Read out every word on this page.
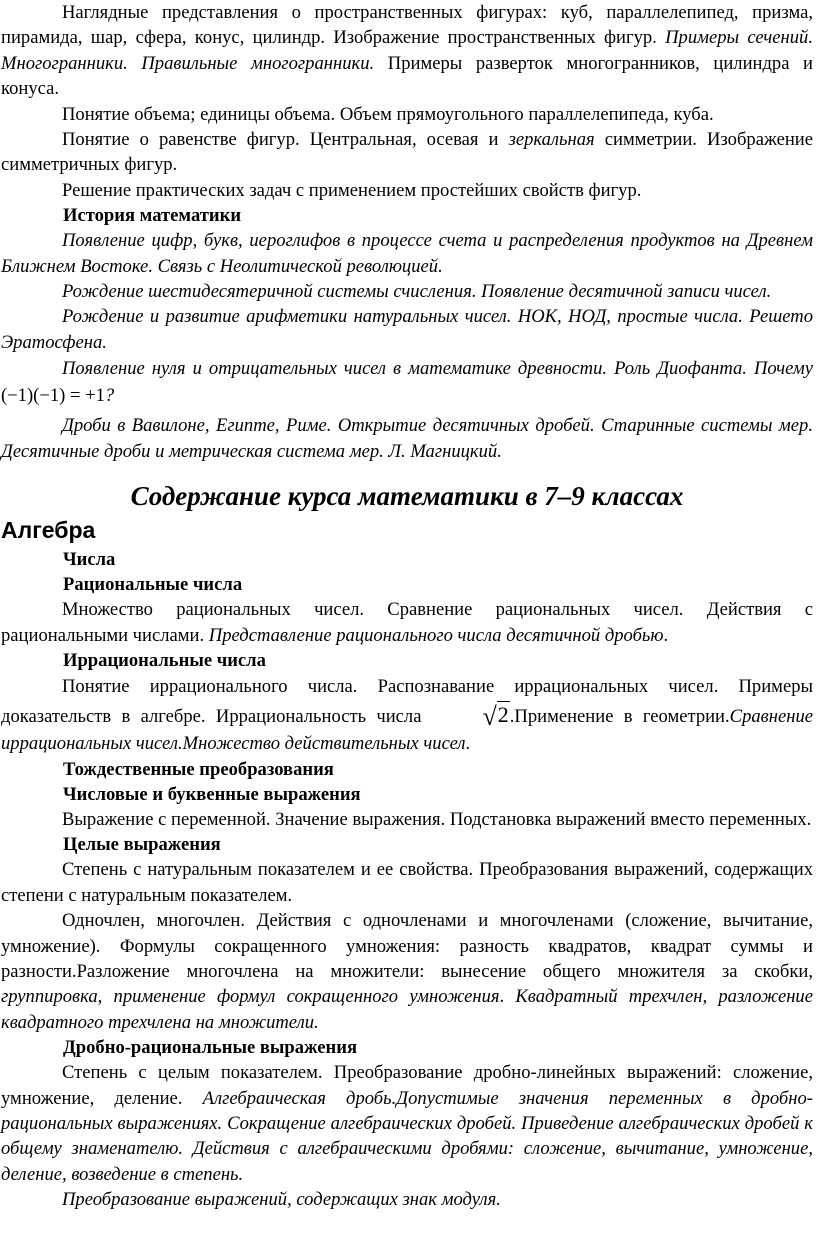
Наглядные представления о пространственных фигурах: куб, параллелепипед, призма, пирамида, шар, сфера, конус, цилиндр. Изображение пространственных фигур. Примеры сечений. Многогранники. Правильные многогранники. Примеры разверток многогранников, цилиндра и конуса.

Понятие объема; единицы объема. Объем прямоугольного параллелепипеда, куба.

Понятие о равенстве фигур. Центральная, осевая и зеркальная симметрии. Изображение симметричных фигур.

Решение практических задач с применением простейших свойств фигур.

История математики

Появление цифр, букв, иероглифов в процессе счета и распределения продуктов на Древнем Ближнем Востоке. Связь с Неолитической революцией.

Рождение шестидесятеричной системы счисления. Появление десятичной записи чисел.

Рождение и развитие арифметики натуральных чисел. НОК, НОД, простые числа. Решето Эратосфена.

Появление нуля и отрицательных чисел в математике древности. Роль Диофанта. Почему (−1)(−1) = +1?

Дроби в Вавилоне, Египте, Риме. Открытие десятичных дробей. Старинные системы мер. Десятичные дроби и метрическая система мер. Л. Магницкий.

Содержание курса математики в 7–9 классах
Алгебра
Числа
Рациональные числа

Множество рациональных чисел. Сравнение рациональных чисел. Действия с рациональными числами. Представление рационального числа десятичной дробью.

Иррациональные числа

Понятие иррационального числа. Распознавание иррациональных чисел. Примеры доказательств в алгебре. Иррациональность числа √2.Применение в геометрии.Сравнение иррациональных чисел.Множество действительных чисел.

Тождественные преобразования
Числовые и буквенные выражения

Выражение с переменной. Значение выражения. Подстановка выражений вместо переменных.

Целые выражения

Степень с натуральным показателем и ее свойства. Преобразования выражений, содержащих степени с натуральным показателем.

Одночлен, многочлен. Действия с одночленами и многочленами (сложение, вычитание, умножение). Формулы сокращенного умножения: разность квадратов, квадрат суммы и разности.Разложение многочлена на множители: вынесение общего множителя за скобки, группировка, применение формул сокращенного умножения. Квадратный трехчлен, разложение квадратного трехчлена на множители.

Дробно-рациональные выражения

Степень с целым показателем. Преобразование дробно-линейных выражений: сложение, умножение, деление. Алгебраическая дробь.Допустимые значения переменных в дробно-рациональных выражениях. Сокращение алгебраических дробей. Приведение алгебраических дробей к общему знаменателю. Действия с алгебраическими дробями: сложение, вычитание, умножение, деление, возведение в степень.

Преобразование выражений, содержащих знак модуля.
